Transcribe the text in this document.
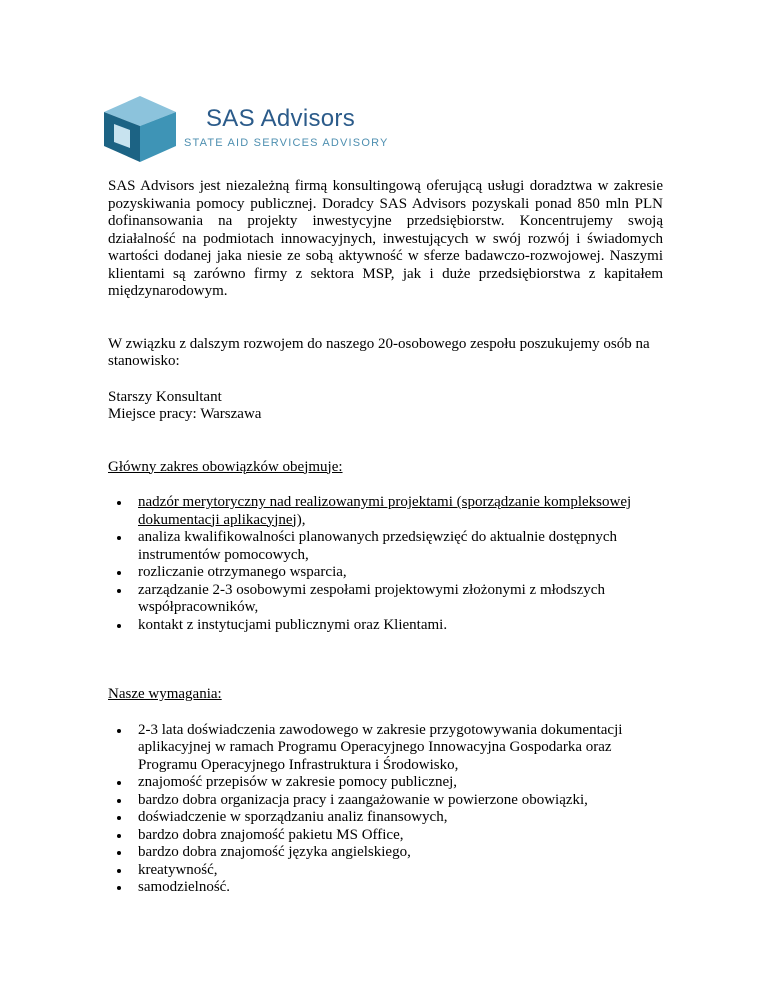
SAS Advisors
STATE AID SERVICES ADVISORY

SAS Advisors jest niezależną firmą konsultingową oferującą usługi doradztwa w zakresie pozyskiwania pomocy publicznej. Doradcy SAS Advisors pozyskali ponad 850 mln PLN dofinansowania na projekty inwestycyjne przedsiębiorstw. Koncentrujemy swoją działalność na podmiotach innowacyjnych, inwestujących w swój rozwój i świadomych wartości dodanej jaka niesie ze sobą aktywność w sferze badawczo-rozwojowej. Naszymi klientami są zarówno firmy z sektora MSP, jak i duże przedsiębiorstwa z kapitałem międzynarodowym.

W związku z dalszym rozwojem do naszego 20-osobowego zespołu poszukujemy osób na stanowisko:

Starszy Konsultant

Miejsce pracy: Warszawa

Główny zakres obowiązków obejmuje:

nadzór merytoryczny nad realizowanymi projektami (sporządzanie kompleksowej dokumentacji aplikacyjnej),
analiza kwalifikowalności planowanych przedsięwzięć do aktualnie dostępnych instrumentów pomocowych,
rozliczanie otrzymanego wsparcia,
zarządzanie 2-3 osobowymi zespołami projektowymi złożonymi z młodszych współpracowników,
kontakt z instytucjami publicznymi oraz Klientami.

Nasze wymagania:

2-3 lata doświadczenia zawodowego w zakresie przygotowywania dokumentacji aplikacyjnej w ramach Programu Operacyjnego Innowacyjna Gospodarka oraz Programu Operacyjnego Infrastruktura i Środowisko,
znajomość przepisów w zakresie pomocy publicznej,
bardzo dobra organizacja pracy i zaangażowanie w powierzone obowiązki,
doświadczenie w sporządzaniu analiz finansowych,
bardzo dobra znajomość pakietu MS Office,
bardzo dobra znajomość języka angielskiego,
kreatywność,
samodzielność.
